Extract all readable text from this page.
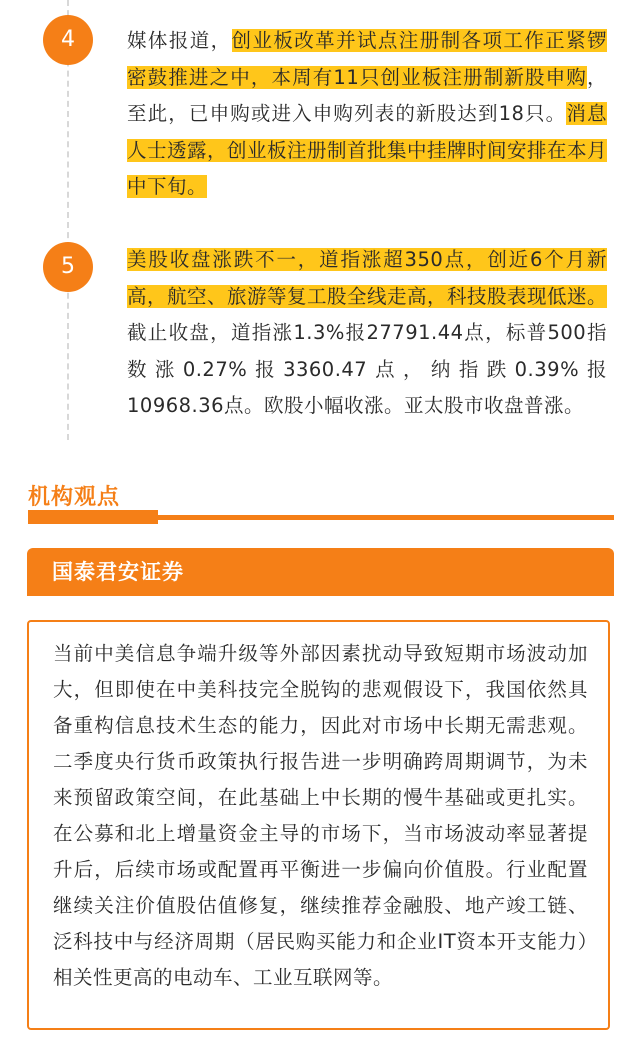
4	媒体报道，创业板改革并试点注册制各项工作正紧锣密鼓推进之中，本周有11只创业板注册制新股申购，至此，已申购或进入申购列表的新股达到18只。消息人士透露，创业板注册制首批集中挂牌时间安排在本月中下旬。
5	美股收盘涨跌不一，道指涨超350点，创近6个月新高，航空、旅游等复工股全线走高，科技股表现低迷。截止收盘，道指涨1.3%报27791.44点，标普500指数涨0.27%报3360.47点，纳指跌0.39%报10968.36点。欧股小幅收涨。亚太股市收盘普涨。
机构观点
国泰君安证券
当前中美信息争端升级等外部因素扰动导致短期市场波动加大，但即使在中美科技完全脱钩的悲观假设下，我国依然具备重构信息技术生态的能力，因此对市场中长期无需悲观。二季度央行货币政策执行报告进一步明确跨周期调节，为未来预留政策空间，在此基础上中长期的慢牛基础或更扎实。在公募和北上增量资金主导的市场下，当市场波动率显著提升后，后续市场或配置再平衡进一步偏向价值股。行业配置继续关注价值股估值修复，继续推荐金融股、地产竣工链、泛科技中与经济周期（居民购买能力和企业IT资本开支能力）相关性更高的电动车、工业互联网等。
